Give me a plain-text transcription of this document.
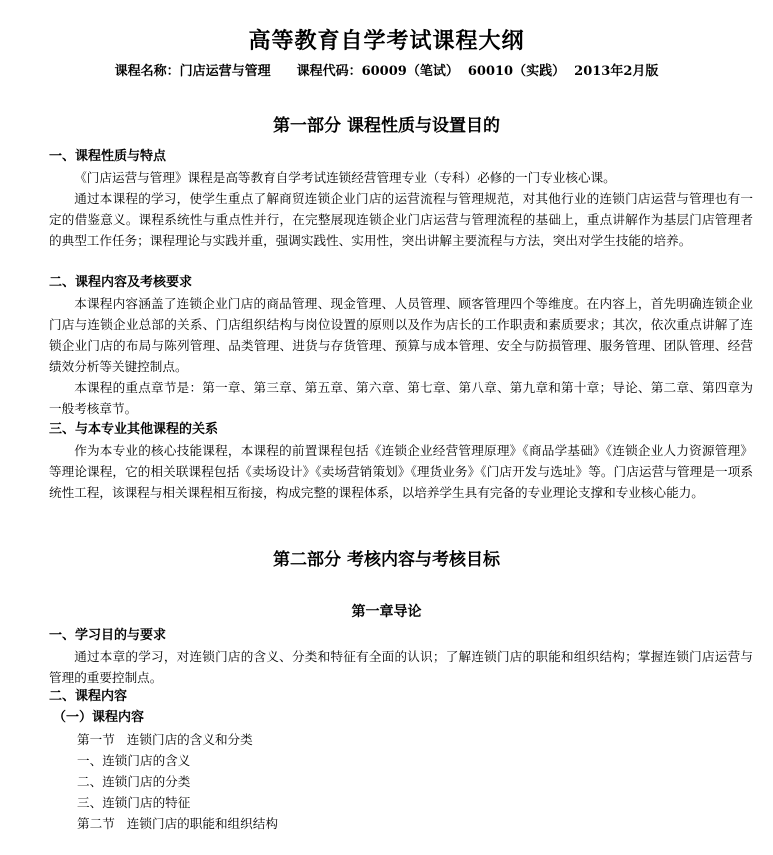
高等教育自学考试课程大纲
课程名称：门店运营与管理　　课程代码：60009（笔试）  60010（实践）  2013年2月版
第一部分 课程性质与设置目的
一、课程性质与特点

《门店运营与管理》课程是高等教育自学考试连锁经营管理专业（专科）必修的一门专业核心课。

通过本课程的学习，使学生重点了解商贸连锁企业门店的运营流程与管理规范，对其他行业的连锁门店运营与管理也有一定的借鉴意义。课程系统性与重点性并行，在完整展现连锁企业门店运营与管理流程的基础上，重点讲解作为基层门店管理者的典型工作任务；课程理论与实践并重，强调实践性、实用性，突出讲解主要流程与方法，突出对学生技能的培养。

二、课程内容及考核要求

本课程内容涵盖了连锁企业门店的商品管理、现金管理、人员管理、顾客管理四个等维度。在内容上，首先明确连锁企业门店与连锁企业总部的关系、门店组织结构与岗位设置的原则以及作为店长的工作职责和素质要求；其次，依次重点讲解了连锁企业门店的布局与陈列管理、品类管理、进货与存货管理、预算与成本管理、安全与防损管理、服务管理、团队管理、经营绩效分析等关键控制点。

本课程的重点章节是：第一章、第三章、第五章、第六章、第七章、第八章、第九章和第十章；导论、第二章、第四章为一般考核章节。

三、与本专业其他课程的关系

作为本专业的核心技能课程，本课程的前置课程包括《连锁企业经营管理原理》《商品学基础》《连锁企业人力资源管理》等理论课程，它的相关联课程包括《卖场设计》《卖场营销策划》《理货业务》《门店开发与选址》等。门店运营与管理是一项系统性工程，该课程与相关课程相互衔接，构成完整的课程体系，以培养学生具有完备的专业理论支撑和专业核心能力。

第二部分 考核内容与考核目标
第一章导论
一、学习目的与要求

通过本章的学习，对连锁门店的含义、分类和特征有全面的认识；了解连锁门店的职能和组织结构；掌握连锁门店运营与管理的重要控制点。

二、课程内容
（一）课程内容
第一节   连锁门店的含义和分类
一、连锁门店的含义
二、连锁门店的分类
三、连锁门店的特征
第二节   连锁门店的职能和组织结构
